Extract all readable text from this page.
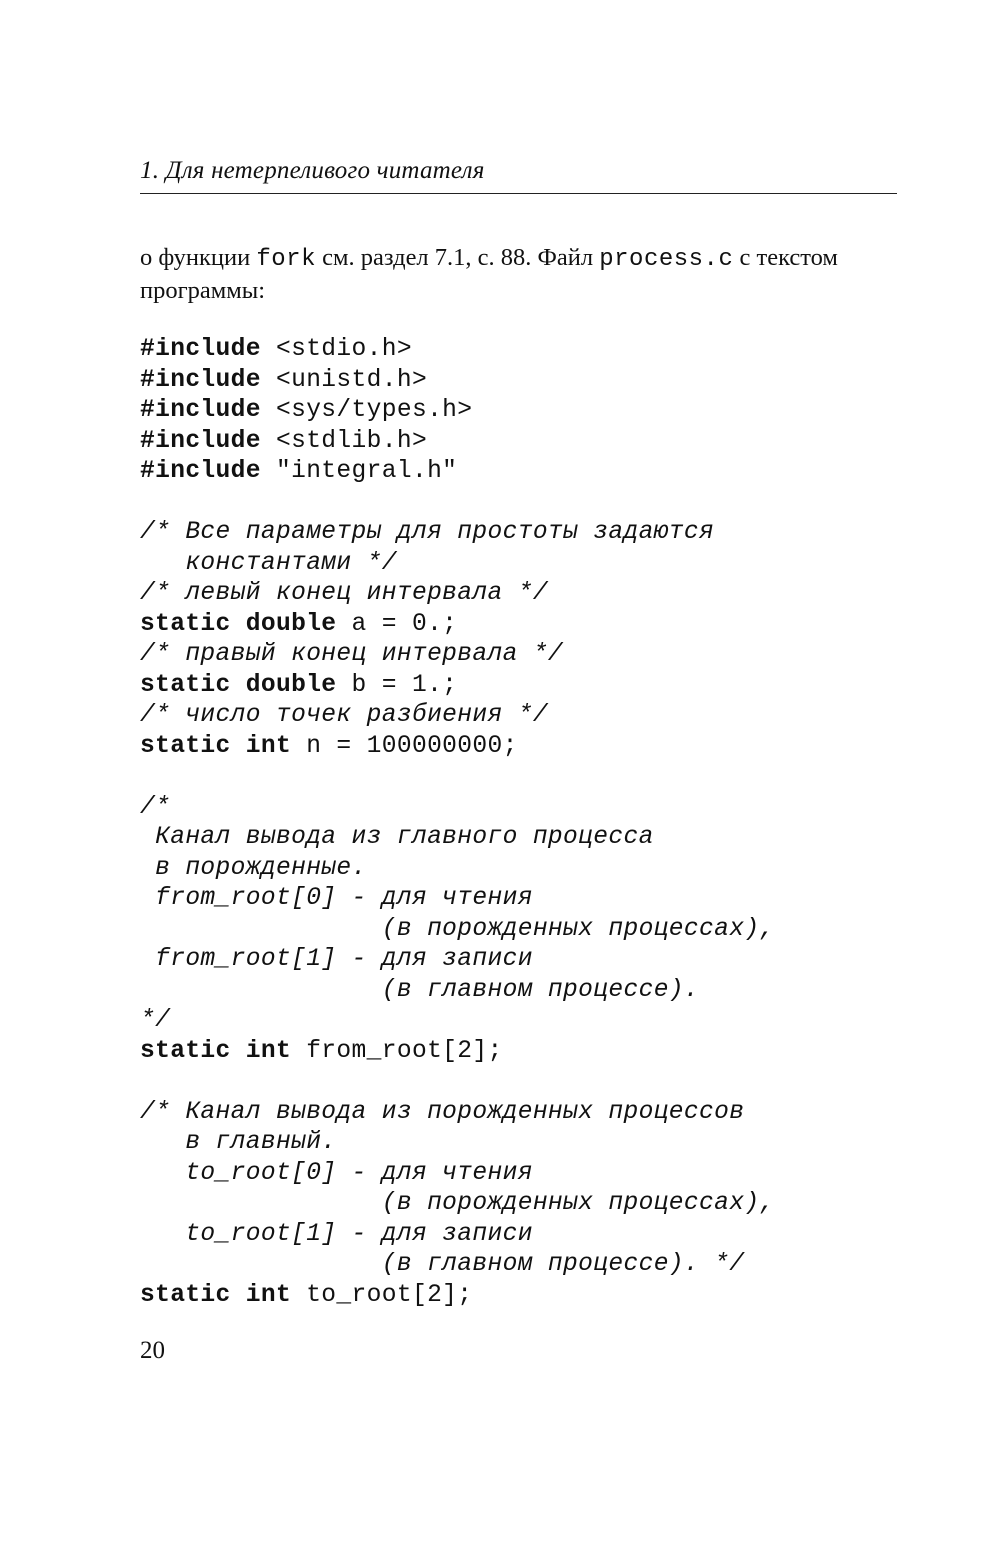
1. Для нетерпеливого читателя

о функции fork см. раздел 7.1, с. 88. Файл process.c с текстом программы:

#include <stdio.h>
#include <unistd.h>
#include <sys/types.h>
#include <stdlib.h>
#include "integral.h"
/* Все параметры для простоты задаются
константами */
/* левый конец интервала */
static double a = 0.;
/* правый конец интервала */
static double b = 1.;
/* число точек разбиения */
static int n = 100000000;
/*
Канал вывода из главного процесса
в порожденные.
from_root[0] - для чтения
(в порожденных процессах),
from_root[1] - для записи
(в главном процессе).
*/
static int from_root[2];
/* Канал вывода из порожденных процессов
в главный.
to_root[0] - для чтения
(в порожденных процессах),
to_root[1] - для записи
(в главном процессе). */
static int to_root[2];
20
